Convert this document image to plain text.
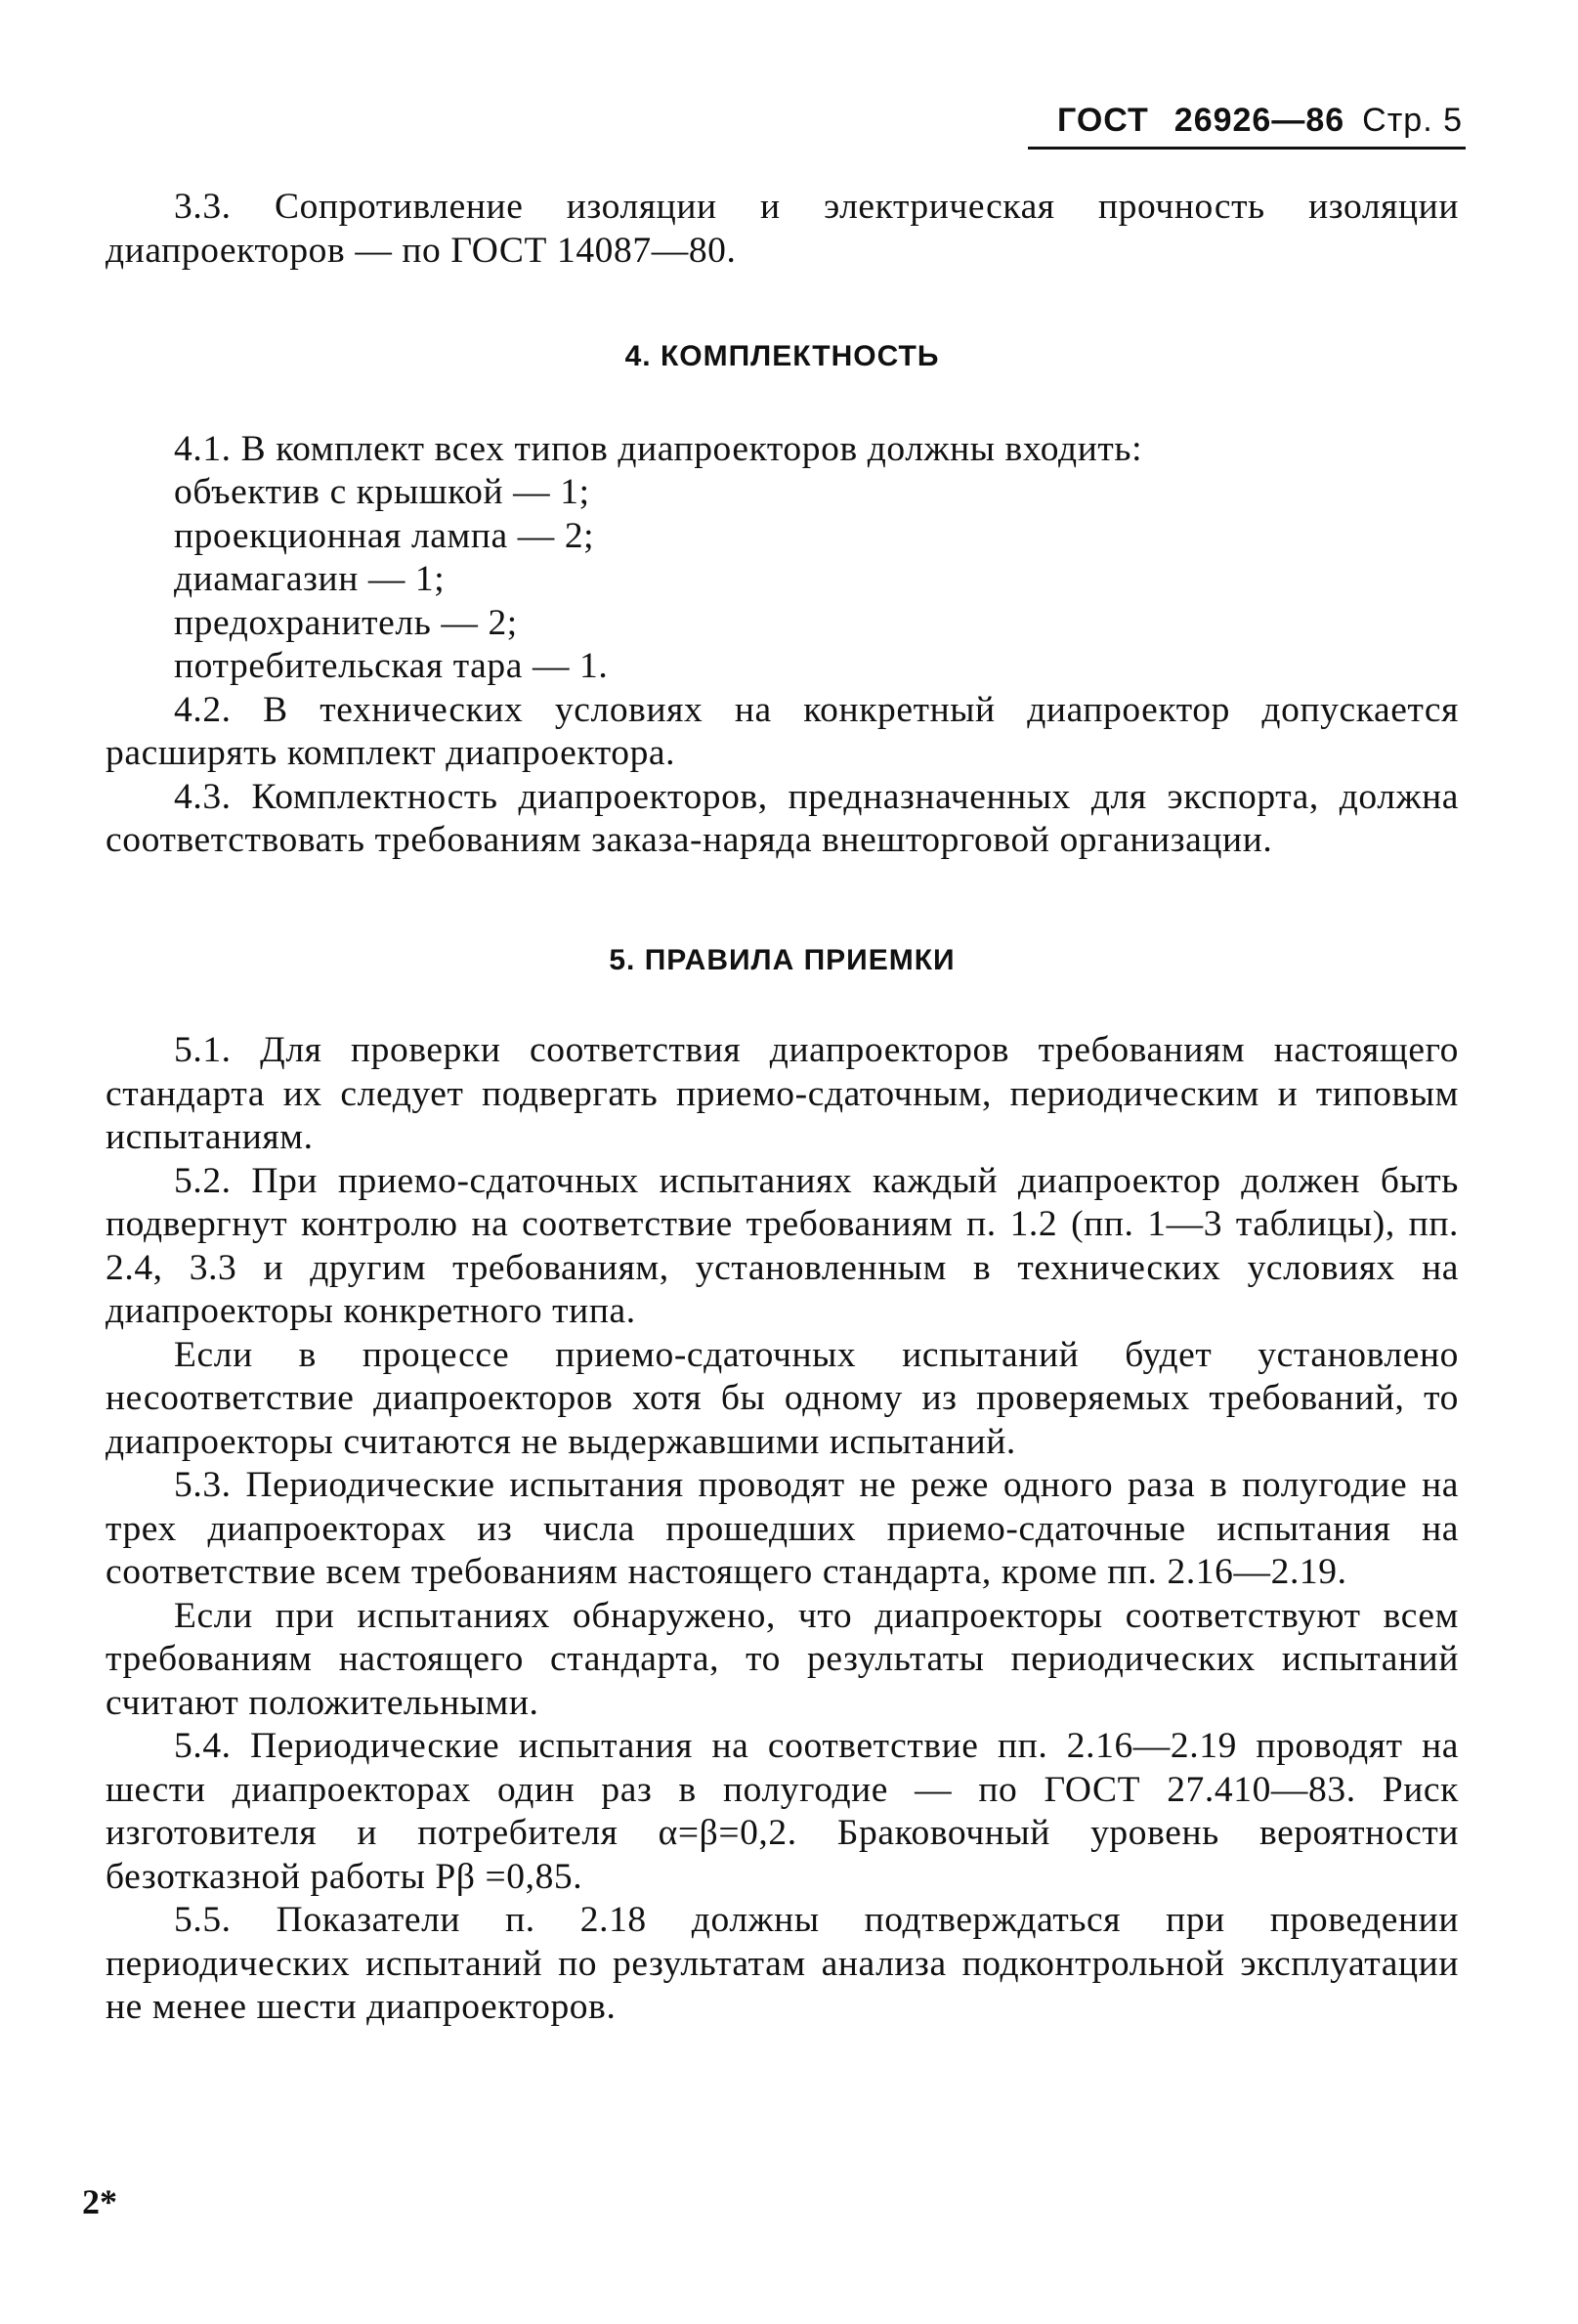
ГОСТ 26926—86 Стр. 5

3.3. Сопротивление изоляции и электрическая прочность изоляции диапроекторов — по ГОСТ 14087—80.

4. КОМПЛЕКТНОСТЬ

4.1. В комплект всех типов диапроекторов должны входить:

объектив с крышкой — 1;
проекционная лампа — 2;
диамагазин — 1;
предохранитель — 2;
потребительская тара — 1.

4.2. В технических условиях на конкретный диапроектор допускается расширять комплект диапроектора.

4.3. Комплектность диапроекторов, предназначенных для экспорта, должна соответствовать требованиям заказа-наряда внешторговой организации.

5. ПРАВИЛА ПРИЕМКИ

5.1. Для проверки соответствия диапроекторов требованиям настоящего стандарта их следует подвергать приемо-сдаточным, периодическим и типовым испытаниям.

5.2. При приемо-сдаточных испытаниях каждый диапроектор должен быть подвергнут контролю на соответствие требованиям п. 1.2 (пп. 1—3 таблицы), пп. 2.4, 3.3 и другим требованиям, установленным в технических условиях на диапроекторы конкретного типа.

Если в процессе приемо-сдаточных испытаний будет установлено несоответствие диапроекторов хотя бы одному из проверяемых требований, то диапроекторы считаются не выдержавшими испытаний.

5.3. Периодические испытания проводят не реже одного раза в полугодие на трех диапроекторах из числа прошедших приемо-сдаточные испытания на соответствие всем требованиям настоящего стандарта, кроме пп. 2.16—2.19.

Если при испытаниях обнаружено, что диапроекторы соответствуют всем требованиям настоящего стандарта, то результаты периодических испытаний считают положительными.

5.4. Периодические испытания на соответствие пп. 2.16—2.19 проводят на шести диапроекторах один раз в полугодие — по ГОСТ 27.410—83. Риск изготовителя и потребителя α=β=0,2. Браковочный уровень вероятности безотказной работы Pβ =0,85.

5.5. Показатели п. 2.18 должны подтверждаться при проведении периодических испытаний по результатам анализа подконтрольной эксплуатации не менее шести диапроекторов.

2*
